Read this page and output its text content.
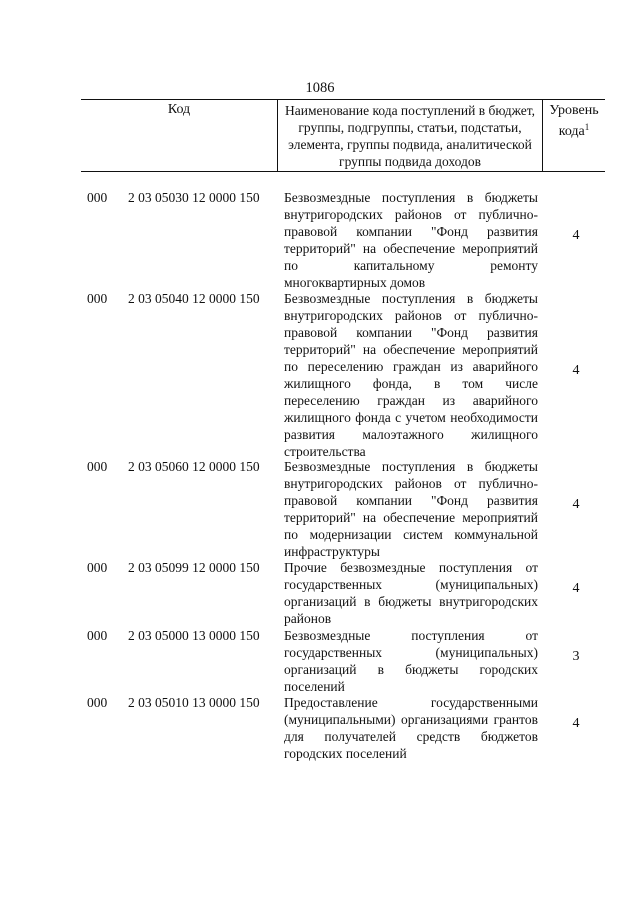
1086
Код	Наименование кода поступлений в бюджет, группы, подгруппы, статьи, подстатьи, элемента, группы подвида, аналитической группы подвида доходов
Уровень кода$^1$
000 2 03 05030 12 0000 150 Безвозмездные поступления в бюджеты внутригородских районов от публично-правовой компании "Фонд развития территорий" на обеспечение мероприятий по капитальному ремонту многоквартирных домов
4
000 2 03 05040 12 0000 150 Безвозмездные поступления в бюджеты внутригородских районов от публично-правовой компании "Фонд развития территорий" на обеспечение мероприятий по переселению граждан из аварийного жилищного фонда, в том числе переселению граждан из аварийного жилищного фонда с учетом необходимости развития малоэтажного жилищного строительства
4
000 2 03 05060 12 0000 150 Безвозмездные поступления в бюджеты внутригородских районов от публично-правовой компании "Фонд развития территорий" на обеспечение мероприятий по модернизации систем коммунальной инфраструктуры
4
000 2 03 05099 12 0000 150 Прочие безвозмездные поступления от государственных (муниципальных) организаций в бюджеты внутригородских районов
4
000 2 03 05000 13 0000 150 Безвозмездные поступления от государственных (муниципальных) организаций в бюджеты городских поселений
3
000 2 03 05010 13 0000 150 Предоставление государственными (муниципальными) организациями грантов для получателей средств бюджетов городских поселений
4
